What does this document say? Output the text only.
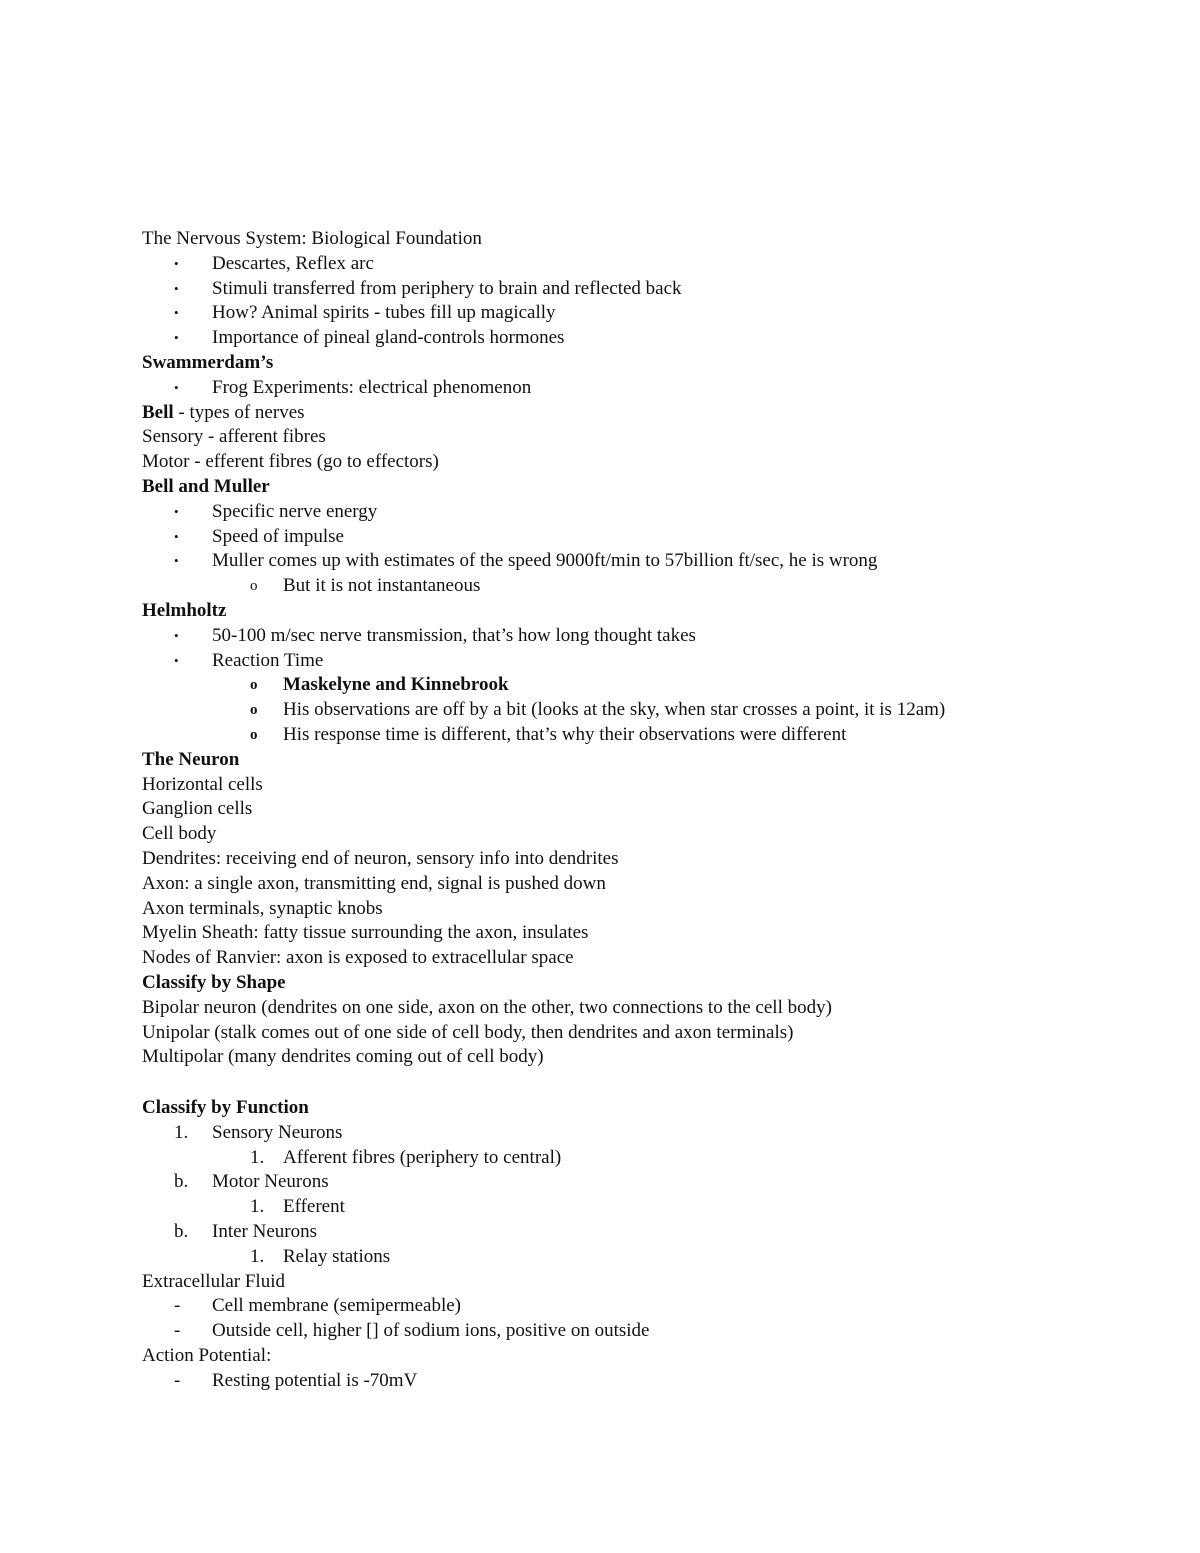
The Nervous System: Biological Foundation
• Descartes, Reflex arc
• Stimuli transferred from periphery to brain and reflected back
• How? Animal spirits - tubes fill up magically
• Importance of pineal gland-controls hormones
Swammerdam’s
• Frog Experiments: electrical phenomenon
Bell - types of nerves
Sensory - afferent fibres
Motor - efferent fibres (go to effectors)
Bell and Muller
• Specific nerve energy
• Speed of impulse
• Muller comes up with estimates of the speed 9000ft/min to 57billion ft/sec, he is wrong
o But it is not instantaneous
Helmholtz
• 50-100 m/sec nerve transmission, that’s how long thought takes
• Reaction Time
o Maskelyne and Kinnebrook
o His observations are off by a bit (looks at the sky, when star crosses a point, it is 12am)
o His response time is different, that’s why their observations were different
The Neuron
Horizontal cells
Ganglion cells
Cell body
Dendrites: receiving end of neuron, sensory info into dendrites
Axon: a single axon, transmitting end, signal is pushed down
Axon terminals, synaptic knobs
Myelin Sheath: fatty tissue surrounding the axon, insulates
Nodes of Ranvier: axon is exposed to extracellular space
Classify by Shape
Bipolar neuron (dendrites on one side, axon on the other, two connections to the cell body)
Unipolar (stalk comes out of one side of cell body, then dendrites and axon terminals)
Multipolar (many dendrites coming out of cell body)
Classify by Function
1. Sensory Neurons
1. Afferent fibres (periphery to central)
b. Motor Neurons
1. Efferent
b. Inter Neurons
1. Relay stations
Extracellular Fluid
- Cell membrane (semipermeable)
- Outside cell, higher [] of sodium ions, positive on outside
Action Potential:
- Resting potential is -70mV
